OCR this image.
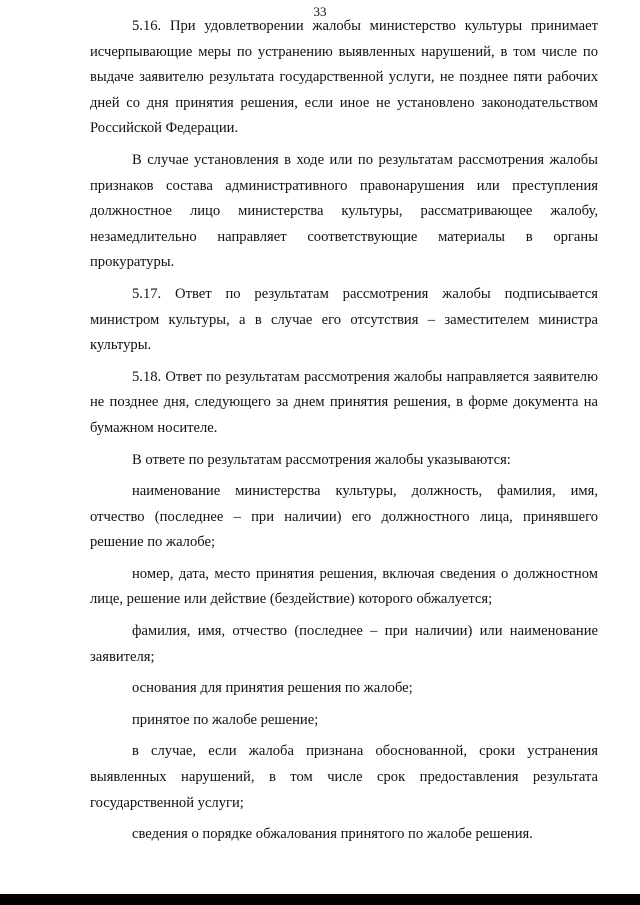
33

5.16. При удовлетворении жалобы министерство культуры принимает исчерпывающие меры по устранению выявленных нарушений, в том числе по выдаче заявителю результата государственной услуги, не позднее пяти рабочих дней со дня принятия решения, если иное не установлено законодательством Российской Федерации.

В случае установления в ходе или по результатам рассмотрения жалобы признаков состава административного правонарушения или преступления должностное лицо министерства культуры, рассматривающее жалобу, незамедлительно направляет соответствующие материалы в органы прокуратуры.

5.17. Ответ по результатам рассмотрения жалобы подписывается министром культуры, а в случае его отсутствия – заместителем министра культуры.

5.18. Ответ по результатам рассмотрения жалобы направляется заявителю не позднее дня, следующего за днем принятия решения, в форме документа на бумажном носителе.

В ответе по результатам рассмотрения жалобы указываются:

наименование министерства культуры, должность, фамилия, имя, отчество (последнее – при наличии) его должностного лица, принявшего решение по жалобе;

номер, дата, место принятия решения, включая сведения о должностном лице, решение или действие (бездействие) которого обжалуется;

фамилия, имя, отчество (последнее – при наличии) или наименование заявителя;

основания для принятия решения по жалобе;

принятое по жалобе решение;

в случае, если жалоба признана обоснованной, сроки устранения выявленных нарушений, в том числе срок предоставления результата государственной услуги;

сведения о порядке обжалования принятого по жалобе решения.
